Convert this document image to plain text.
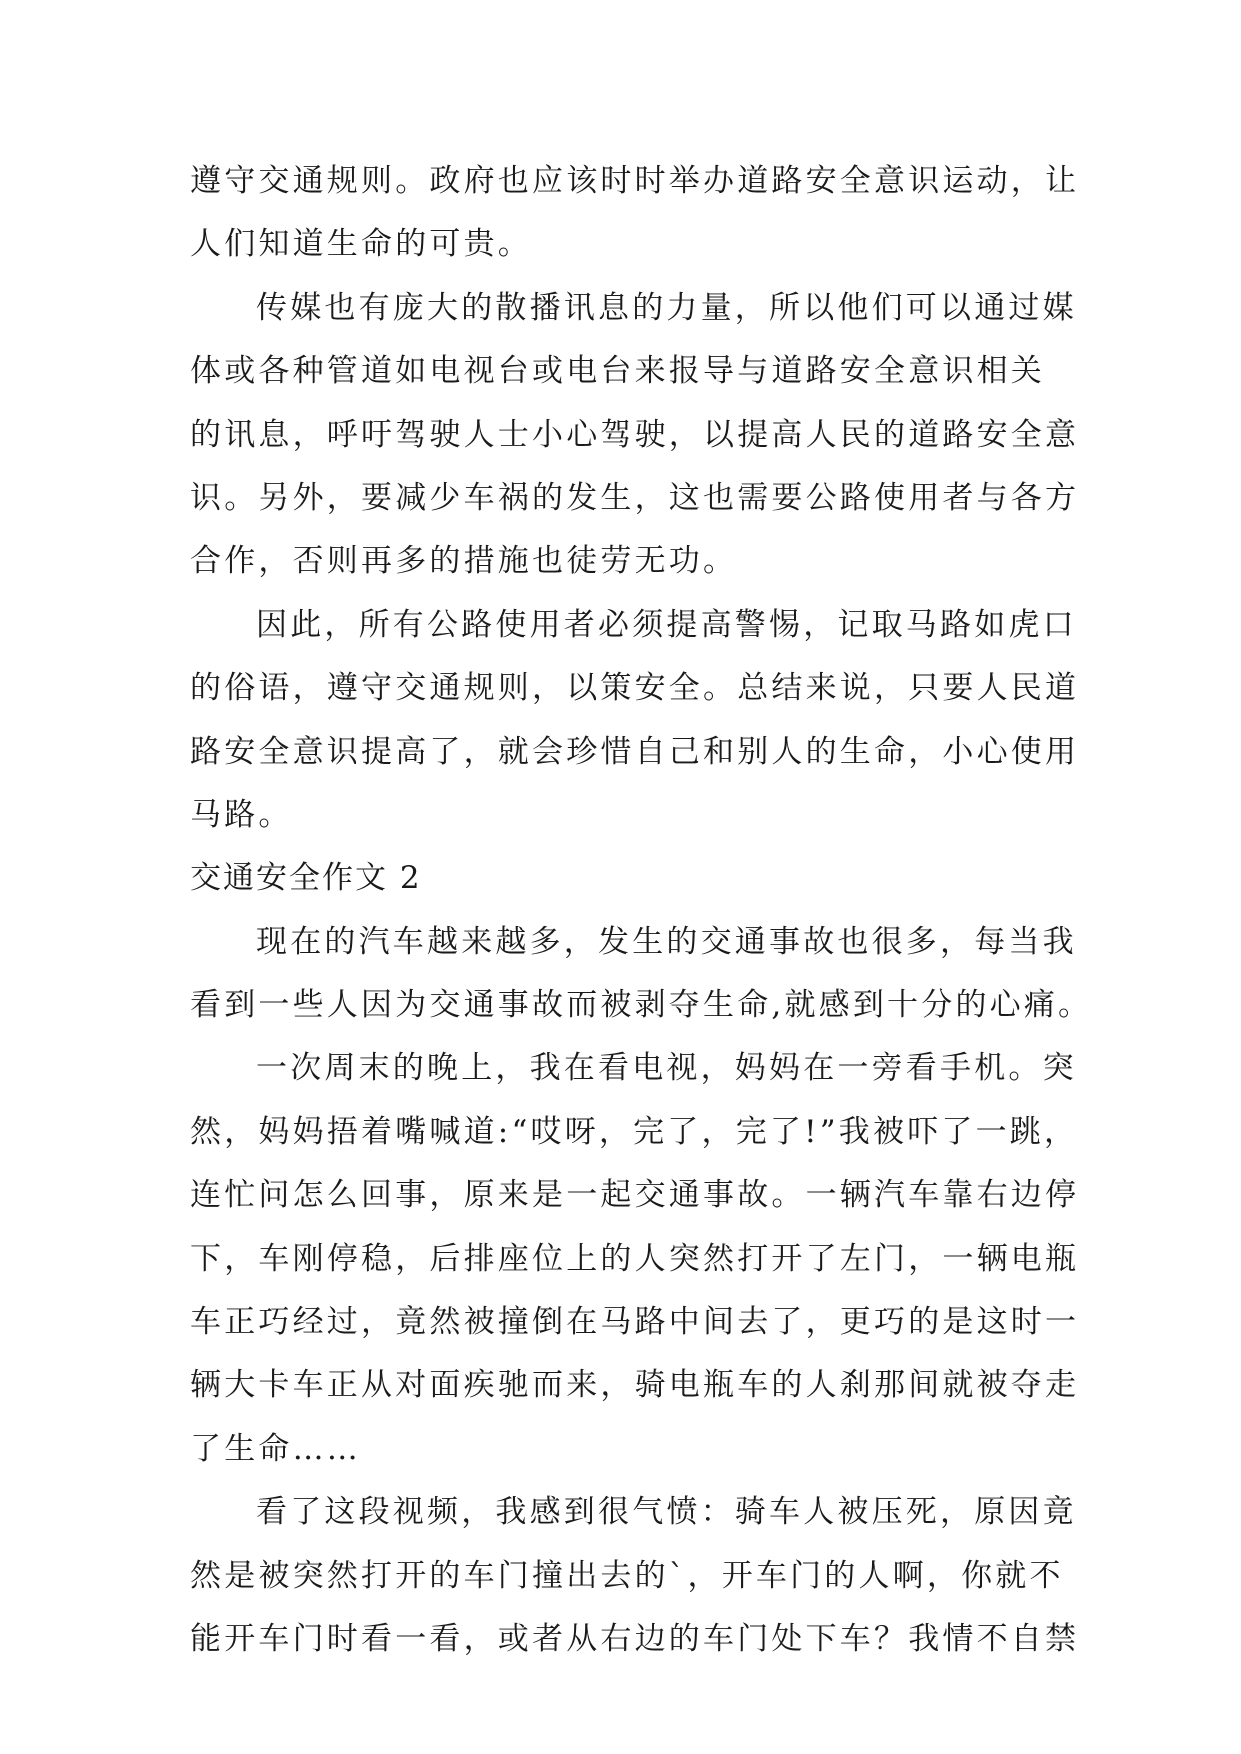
遵守交通规则。政府也应该时时举办道路安全意识运动，让
人们知道生命的可贵。
传媒也有庞大的散播讯息的力量，所以他们可以通过媒
体或各种管道如电视台或电台来报导与道路安全意识相关
的讯息，呼吁驾驶人士小心驾驶，以提高人民的道路安全意
识。另外，要减少车祸的发生，这也需要公路使用者与各方
合作，否则再多的措施也徒劳无功。
因此，所有公路使用者必须提高警惕，记取马路如虎口
的俗语，遵守交通规则，以策安全。总结来说，只要人民道
路安全意识提高了，就会珍惜自己和别人的生命，小心使用
马路。
交通安全作文 2
现在的汽车越来越多，发生的交通事故也很多，每当我
看到一些人因为交通事故而被剥夺生命,就感到十分的心痛。
一次周末的晚上，我在看电视，妈妈在一旁看手机。突
然，妈妈捂着嘴喊道:“哎呀，完了，完了!”我被吓了一跳，
连忙问怎么回事，原来是一起交通事故。一辆汽车靠右边停
下，车刚停稳，后排座位上的人突然打开了左门，一辆电瓶
车正巧经过，竟然被撞倒在马路中间去了，更巧的是这时一
辆大卡车正从对面疾驰而来，骑电瓶车的人刹那间就被夺走
了生命……
看了这段视频，我感到很气愤：骑车人被压死，原因竟
然是被突然打开的车门撞出去的`，开车门的人啊，你就不
能开车门时看一看，或者从右边的车门处下车？我情不自禁
